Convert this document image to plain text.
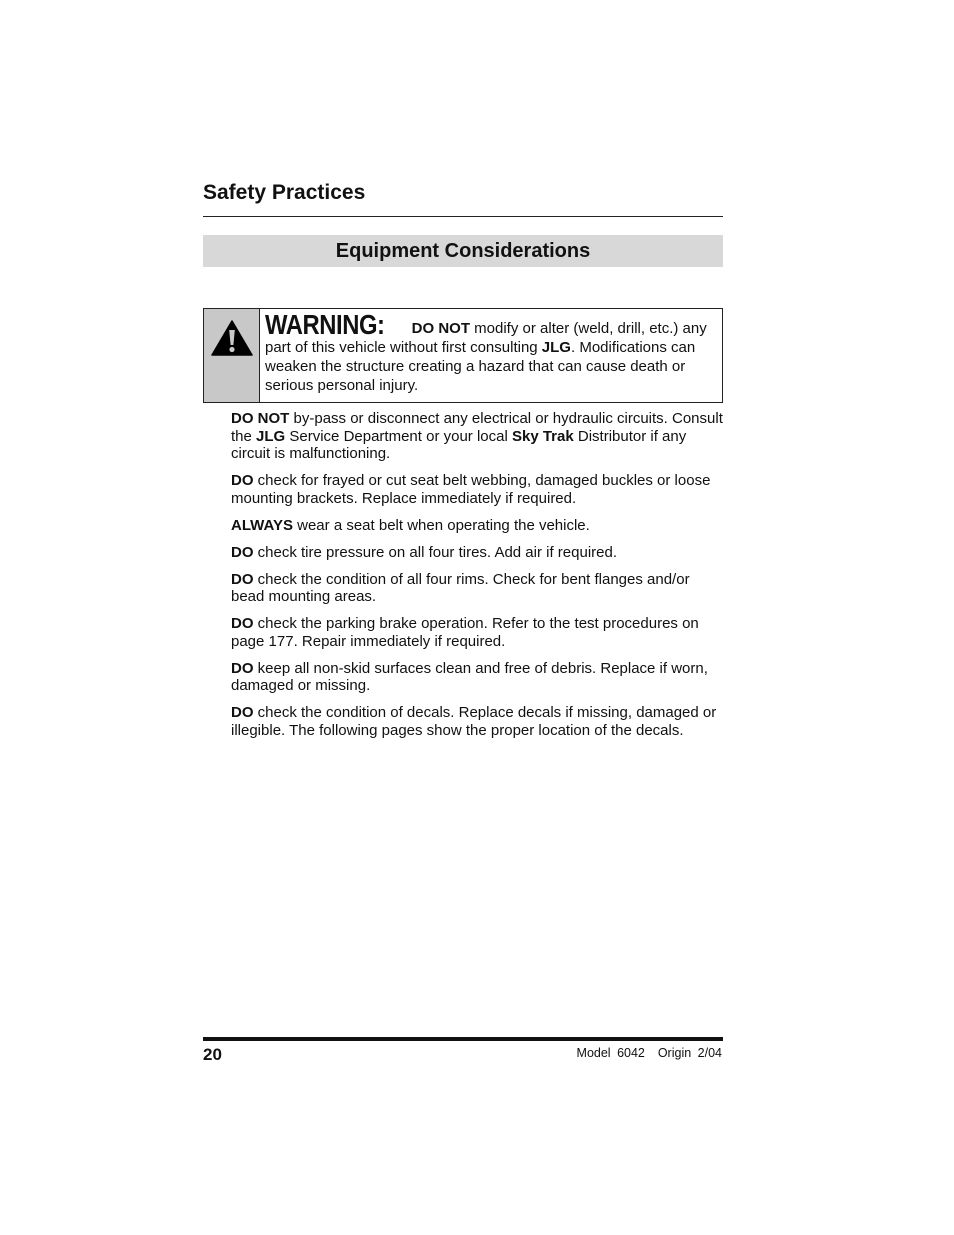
Safety Practices
Equipment Considerations
WARNING: DO NOT modify or alter (weld, drill, etc.) any part of this vehicle without first consulting JLG. Modifications can weaken the structure creating a hazard that can cause death or serious personal injury.

DO NOT by-pass or disconnect any electrical or hydraulic circuits. Consult the JLG Service Department or your local Sky Trak Distributor if any circuit is malfunctioning.

DO check for frayed or cut seat belt webbing, damaged buckles or loose mounting brackets. Replace immediately if required.

ALWAYS wear a seat belt when operating the vehicle.

DO check tire pressure on all four tires. Add air if required.

DO check the condition of all four rims. Check for bent flanges and/or bead mounting areas.

DO check the parking brake operation. Refer to the test procedures on page 177. Repair immediately if required.

DO keep all non-skid surfaces clean and free of debris. Replace if worn, damaged or missing.

DO check the condition of decals. Replace decals if missing, damaged or illegible. The following pages show the proper location of the decals.

20	Model 6042 Origin 2/04
